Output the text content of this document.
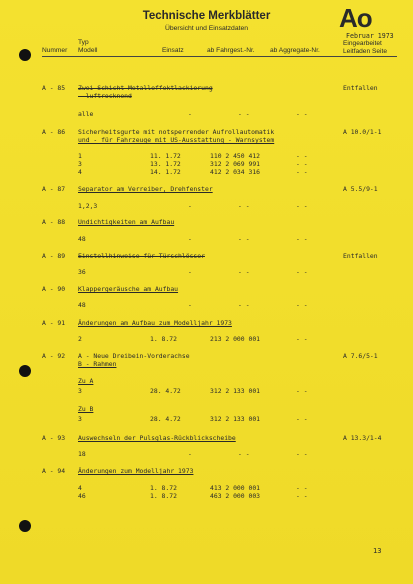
Technische Merkblätter
Übersicht und Einsatzdaten	Ao
Februar 1973
Nummer
Typ
Modell	Einsatz	ab Fahrgest.-Nr. ab Aggregate-Nr.
Eingearbeitet
Leitfaden Seite
A - 85 Zwei-Schicht-Metalleffektlackierung
- luftrocknend
Entfallen
alle	-	- -	- -
A - 86 Sicherheitsgurte mit notsperrender Aufrollautomatik
und - für Fahrzeuge mit US-Ausstattung - Warnsystem
A 10.0/1-1
1	11. 1.72	110 2 450 412	- -
3	13. 1.72	312 2 069 991	- -
4	14. 1.72	412 2 034 316	- -
A - 87 Separator am Verreiber, Drehfenster	A 5.5/9-1
1,2,3	-	- -	- -
A - 88 Undichtigkeiten am Aufbau
48	-	- -	- -
A - 89 Einstellhinweise für Türschlösser	Entfallen
36	-	- -	- -
A - 90 Klappergeräusche am Aufbau
48	-	- -	- -
A - 91 Änderungen am Aufbau zum Modelljahr 1973
2	1. 8.72	213 2 000 001	- -
A - 92 A - Neue Dreibein-Vorderachse
B - Rahmen
A 7.6/5-1
Zu A
3	28. 4.72	312 2 133 001	- -
Zu B
3	28. 4.72	312 2 133 001	- -
A - 93 Auswechseln der Pulsglas-Rückblickscheibe	A 13.3/1-4
18	-	- -	- -
A - 94 Änderungen zum Modelljahr 1973
4	1. 8.72	413 2 000 001	- -
46	1. 8.72	463 2 000 003	- -
13
